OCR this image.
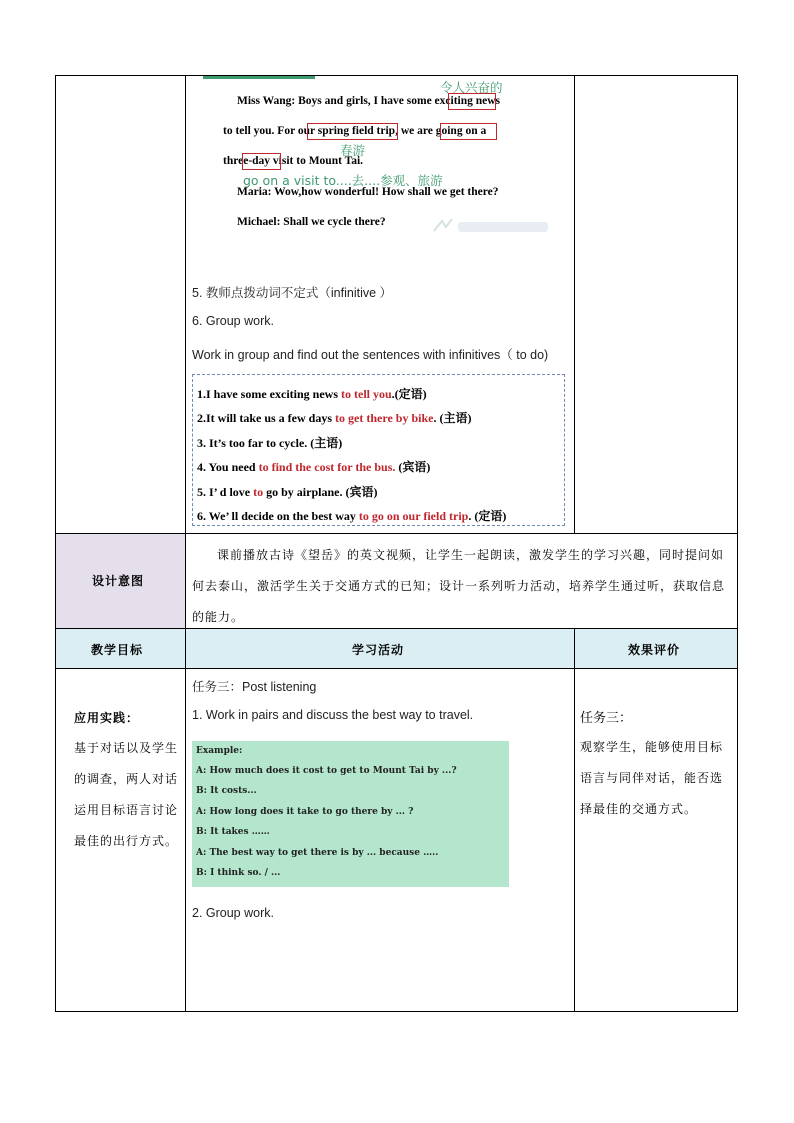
令人兴奋的
Miss Wang: Boys and girls, I have some exciting news
to tell you. For our spring field trip, we are going on a
春游
three-day visit to Mount Tai.
go on a visit to....去....参观、旅游
Maria: Wow,how wonderful! How shall we get there?
Michael: Shall we cycle there?
5. 教师点拨动词不定式（infinitive ）
6. Group work.
Work in group and find out the sentences with infinitives（ to do)
1.I have some exciting news to tell you.(定语)
2.It will take us a few days to get there by bike. (主语)
3. It’s too far to cycle. (主语)
4. You need to find the cost for the bus. (宾语)
5. I’ d love to go by airplane. (宾语)
6. We’ ll decide on the best way to go on our field trip. (定语)
设计意图
课前播放古诗《望岳》的英文视频，让学生一起朗读，激发学生的学习兴趣，同时提问如何去泰山，激活学生关于交通方式的已知；设计一系列听力活动，培养学生通过听，获取信息的能力。
教学目标	学习活动	效果评价
应用实践：
基于对话以及学生的调查，两人对话运用目标语言讨论最佳的出行方式。
任务三：Post listening
1. Work in pairs and discuss the best way to travel.
Example:
A: How much does it cost to get to Mount Tai by ...?
B: It costs...
A: How long does it take to go there by ... ?
B: It takes ……
A: The best way to get there is by ... because …..
B: I think so. / ...
2. Group work.
任务三：
观察学生，能够使用目标语言与同伴对话，能否选择最佳的交通方式。
